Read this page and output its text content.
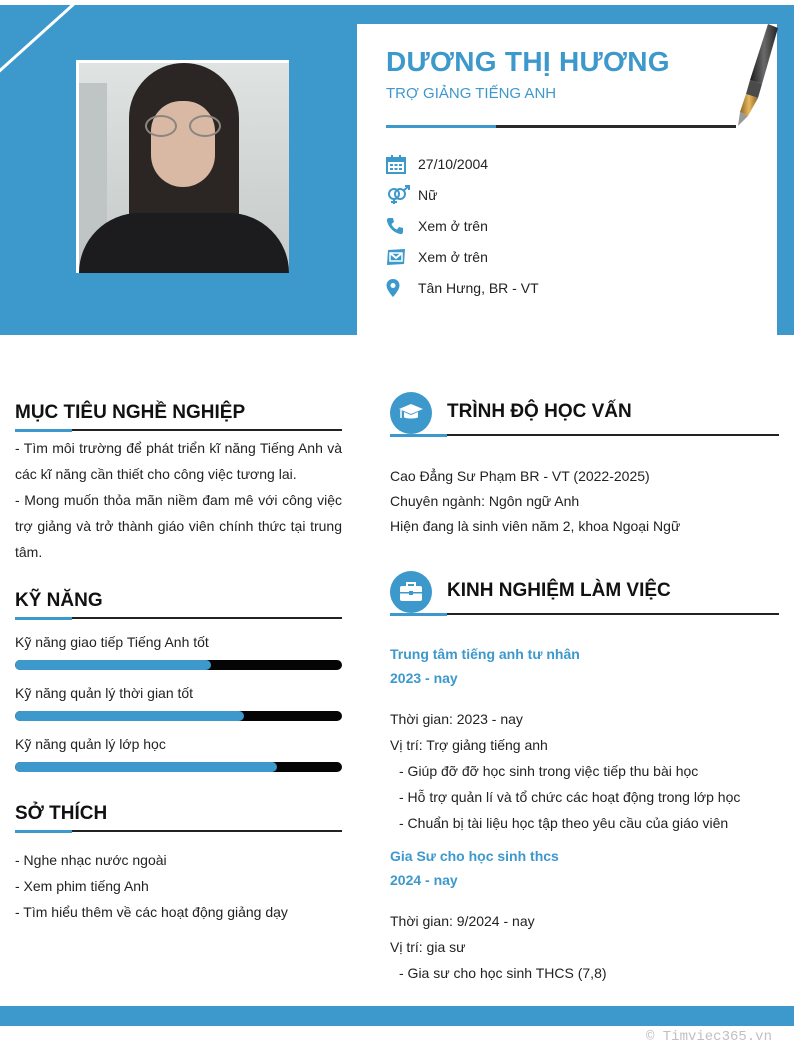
DƯƠNG THỊ HƯƠNG
TRỢ GIẢNG TIẾNG ANH
27/10/2004
Nữ
Xem ở trên
Xem ở trên
Tân Hưng, BR - VT
MỤC TIÊU NGHỀ NGHIỆP
- Tìm môi trường để phát triển kĩ năng Tiếng Anh và các kĩ năng cần thiết cho công việc tương lai.
- Mong muốn thỏa mãn niềm đam mê với công việc trợ giảng và trở thành giáo viên chính thức tại trung tâm.
KỸ NĂNG
Kỹ năng giao tiếp Tiếng Anh tốt
Kỹ năng quản lý thời gian tốt
Kỹ năng quản lý lớp học
SỞ THÍCH
- Nghe nhạc nước ngoài
- Xem phim tiếng Anh
- Tìm hiểu thêm về các hoạt động giảng dạy
TRÌNH ĐỘ HỌC VẤN
Cao Đẳng Sư Phạm BR - VT (2022-2025)
Chuyên ngành: Ngôn ngữ Anh
Hiện đang là sinh viên năm 2, khoa Ngoại Ngữ
KINH NGHIỆM LÀM VIỆC
Trung tâm tiếng anh tư nhân
2023 - nay
Thời gian: 2023 - nay
Vị trí: Trợ giảng tiếng anh
- Giúp đỡ đỡ học sinh trong việc tiếp thu bài học
- Hỗ trợ quản lí và tổ chức các hoạt động trong lớp học
- Chuẩn bị tài liệu học tập theo yêu cầu của giáo viên
Gia Sư cho học sinh thcs
2024 - nay
Thời gian: 9/2024 - nay
Vị trí: gia sư
- Gia sư cho học sinh THCS (7,8)
© Timviec365.vn
